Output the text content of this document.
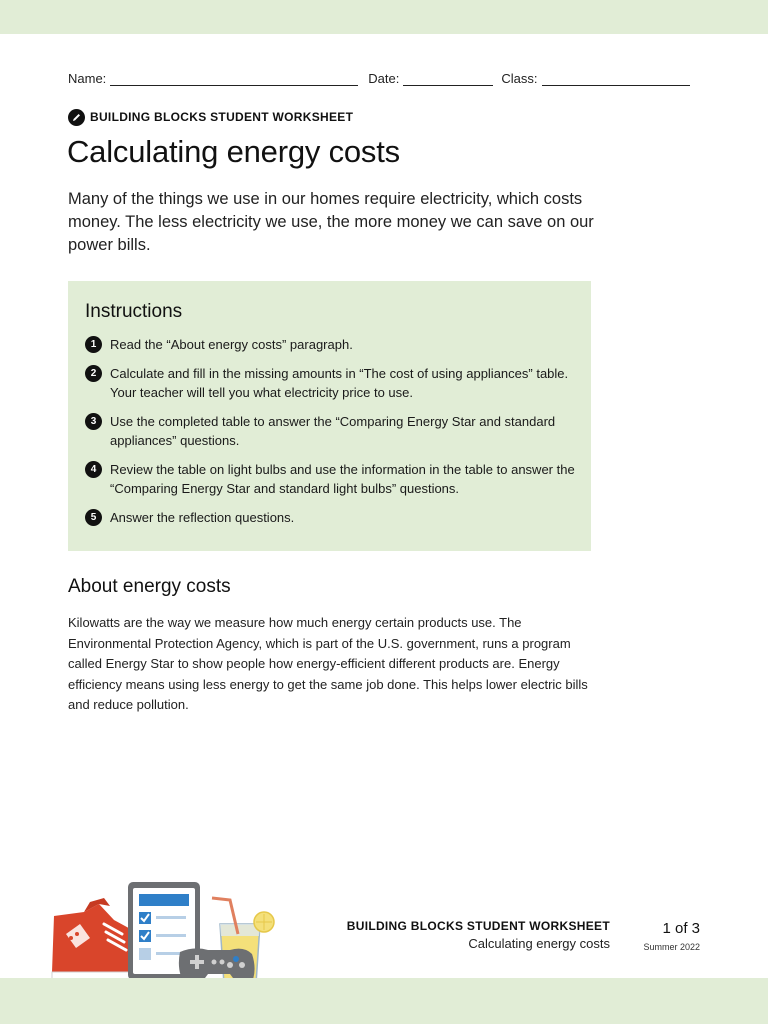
Name:	Date:	Class:
BUILDING BLOCKS STUDENT WORKSHEET
Calculating energy costs

Many of the things we use in our homes require electricity, which costs money. The less electricity we use, the more money we can save on our power bills.

Instructions
1	Read the “About energy costs” paragraph.
2	Calculate and fill in the missing amounts in “The cost of using appliances” table. Your teacher will tell you what electricity price to use.
3	Use the completed table to answer the “Comparing Energy Star and standard appliances” questions.
4	Review the table on light bulbs and use the information in the table to answer the “Comparing Energy Star and standard light bulbs” questions.
5	Answer the reflection questions.
About energy costs

Kilowatts are the way we measure how much energy certain products use. The Environmental Protection Agency, which is part of the U.S. government, runs a program called Energy Star to show people how energy-efficient different products are. Energy efficiency means using less energy to get the same job done. This helps lower electric bills and reduce pollution.

BUILDING BLOCKS STUDENT WORKSHEET
Calculating energy costs
1 of 3
Summer 2022
